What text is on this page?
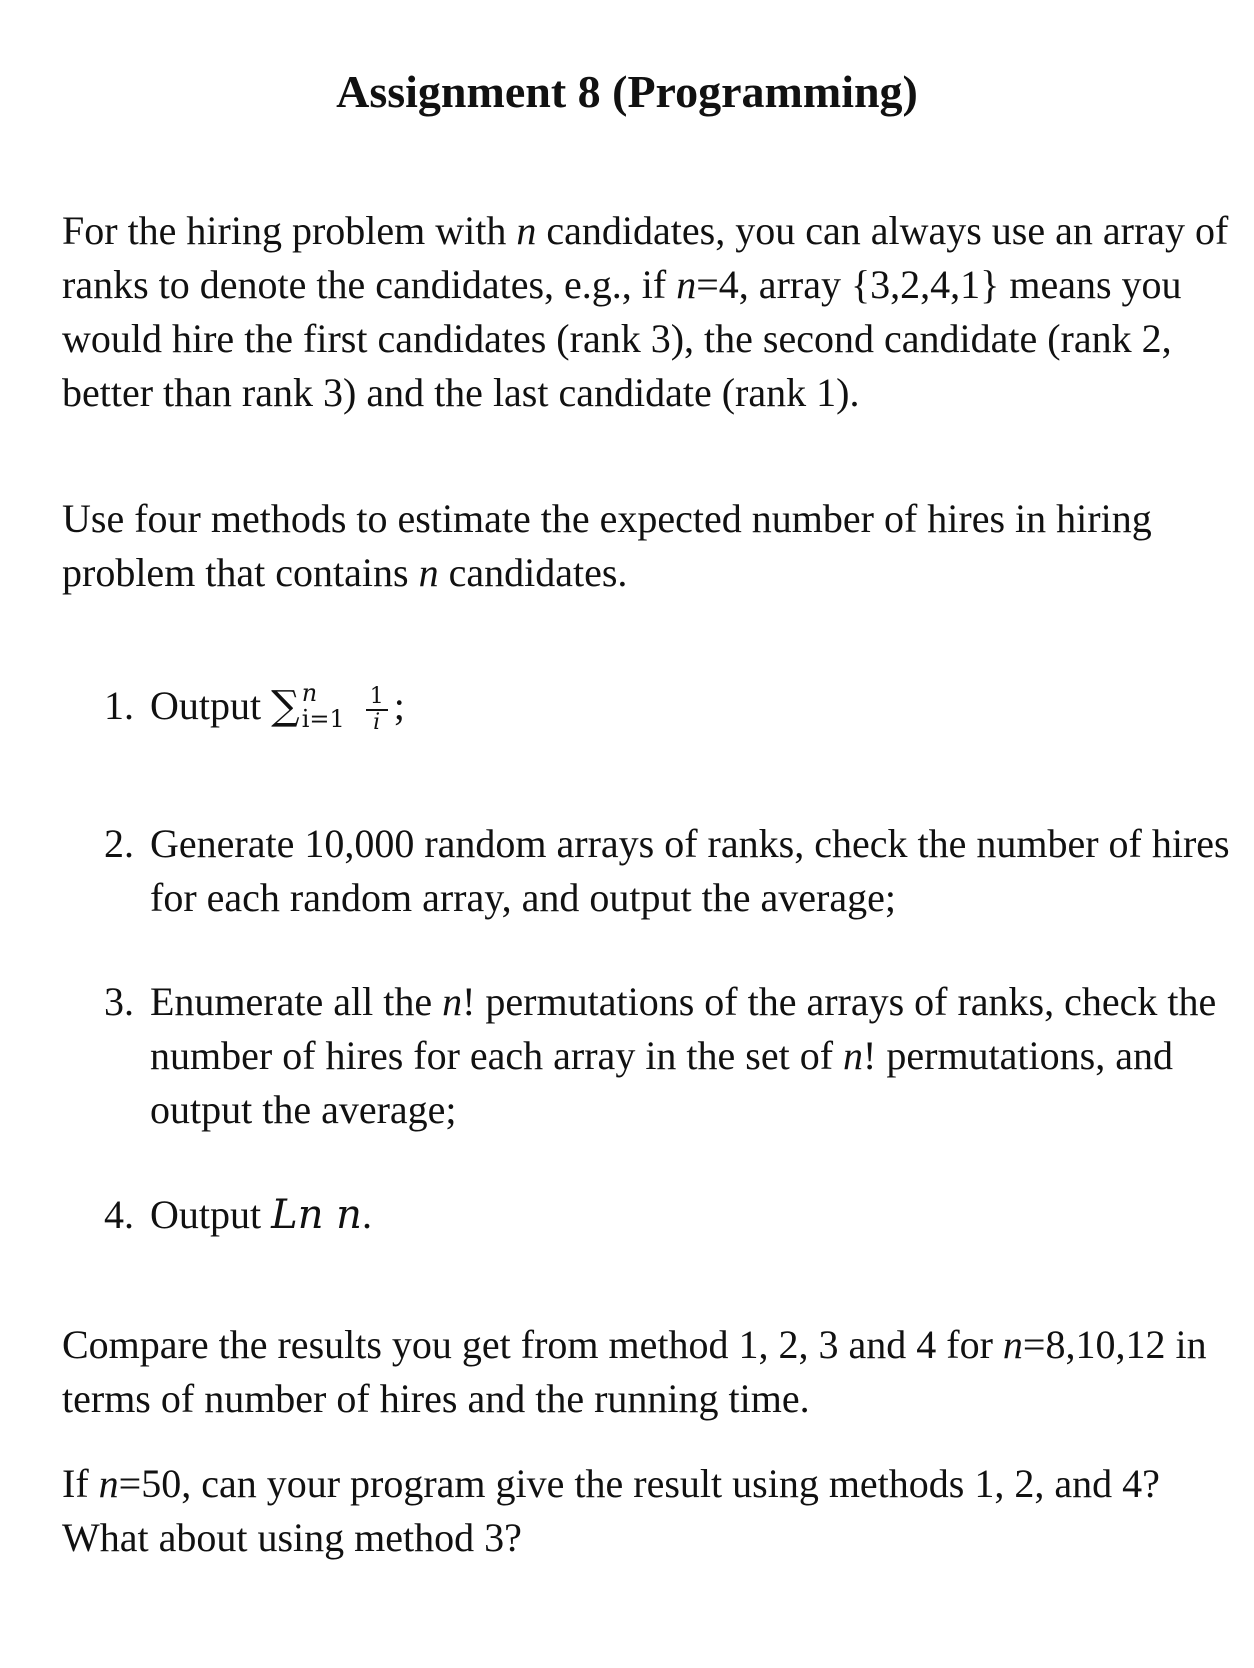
Assignment 8 (Programming)

For the hiring problem with n candidates, you can always use an array of ranks to denote the candidates, e.g., if n=4, array {3,2,4,1} means you would hire the first candidates (rank 3), the second candidate (rank 2, better than rank 3) and the last candidate (rank 1).

Use four methods to estimate the expected number of hires in hiring problem that contains n candidates.

1. Output ∑ n
$i=1 \frac{1}{i}$ ;
2. Generate 10,000 random arrays of ranks, check the number of hires for each random array, and output the average;
3. Enumerate all the n! permutations of the arrays of ranks, check the number of hires for each array in the set of n! permutations, and output the average;
4. Output Ln n.

Compare the results you get from method 1, 2, 3 and 4 for n=8,10,12 in terms of number of hires and the running time.

If n=50, can your program give the result using methods 1, 2, and 4? What about using method 3?
